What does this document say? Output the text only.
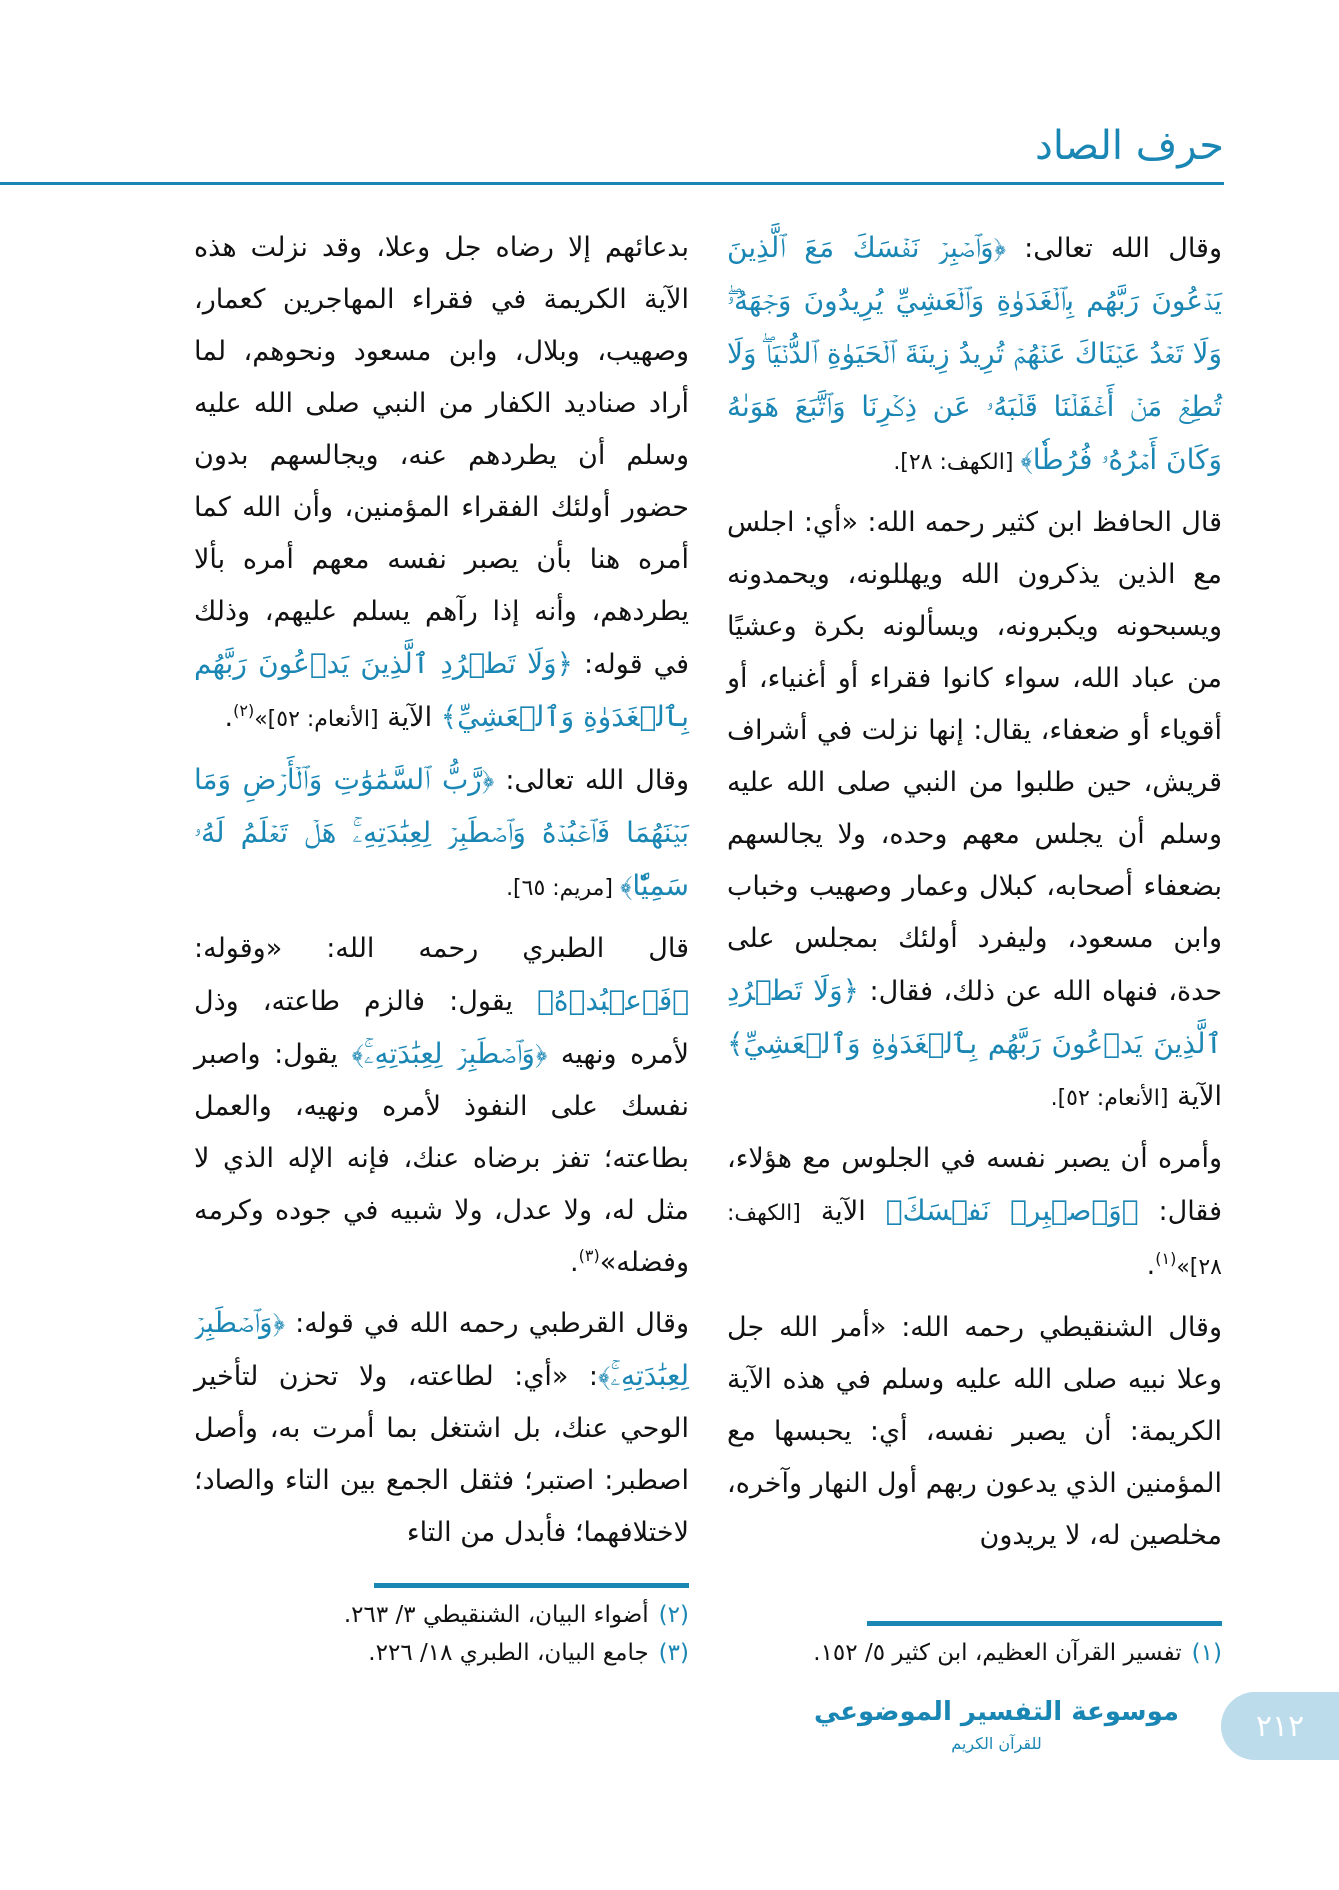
حرف الصاد

وقال الله تعالى: ﴿وَٱصۡبِرۡ نَفۡسَكَ مَعَ ٱلَّذِينَ يَدۡعُونَ رَبَّهُم بِٱلۡغَدَوٰةِ وَٱلۡعَشِيِّ يُرِيدُونَ وَجۡهَهُۥۖ وَلَا تَعۡدُ عَيۡنَاكَ عَنۡهُمۡ تُرِيدُ زِينَةَ ٱلۡحَيَوٰةِ ٱلدُّنۡيَاۖ وَلَا تُطِعۡ مَنۡ أَغۡفَلۡنَا قَلۡبَهُۥ عَن ذِكۡرِنَا وَٱتَّبَعَ هَوَىٰهُ وَكَانَ أَمۡرُهُۥ فُرُطٗا﴾ [الكهف: ٢٨].

قال الحافظ ابن كثير رحمه الله: «أي: اجلس مع الذين يذكرون الله ويهللونه، ويحمدونه ويسبحونه ويكبرونه، ويسألونه بكرة وعشيًا من عباد الله، سواء كانوا فقراء أو أغنياء، أو أقوياء أو ضعفاء، يقال: إنها نزلت في أشراف قريش، حين طلبوا من النبي صلى الله عليه وسلم أن يجلس معهم وحده، ولا يجالسهم بضعفاء أصحابه، كبلال وعمار وصهيب وخباب وابن مسعود، وليفرد أولئك بمجلس على حدة، فنهاه الله عن ذلك، فقال: ﴿وَلَا تَطۡرُدِ ٱلَّذِينَ يَدۡعُونَ رَبَّهُم بِٱلۡغَدَوٰةِ وَٱلۡعَشِيِّ﴾ الآية [الأنعام: ٥٢].

وأمره أن يصبر نفسه في الجلوس مع هؤلاء، فقال: ﴿وَٱصۡبِرۡ نَفۡسَكَ﴾ الآية [الكهف: ٢٨]»$^{(١)}$.

وقال الشنقيطي رحمه الله: «أمر الله جل وعلا نبيه صلى الله عليه وسلم في هذه الآية الكريمة: أن يصبر نفسه، أي: يحبسها مع المؤمنين الذي يدعون ربهم أول النهار وآخره، مخلصين له، لا يريدون

(١)تفسير القرآن العظيم، ابن كثير ٥/ ١٥٢.

بدعائهم إلا رضاه جل وعلا، وقد نزلت هذه الآية الكريمة في فقراء المهاجرين كعمار، وصهيب، وبلال، وابن مسعود ونحوهم، لما أراد صناديد الكفار من النبي صلى الله عليه وسلم أن يطردهم عنه، ويجالسهم بدون حضور أولئك الفقراء المؤمنين، وأن الله كما أمره هنا بأن يصبر نفسه معهم أمره بألا يطردهم، وأنه إذا رآهم يسلم عليهم، وذلك في قوله: ﴿وَلَا تَطۡرُدِ ٱلَّذِينَ يَدۡعُونَ رَبَّهُم بِٱلۡغَدَوٰةِ وَٱلۡعَشِيِّ﴾ الآية [الأنعام: ٥٢]»$^{(٢)}$.

وقال الله تعالى: ﴿رَّبُّ ٱلسَّمَٰوَٰتِ وَٱلۡأَرۡضِ وَمَا بَيۡنَهُمَا فَٱعۡبُدۡهُ وَٱصۡطَبِرۡ لِعِبَٰدَتِهِۦۚ هَلۡ تَعۡلَمُ لَهُۥ سَمِيّٗا﴾ [مريم: ٦٥].

قال الطبري رحمه الله: «وقوله: ﴿فَٱعۡبُدۡهُ﴾ يقول: فالزم طاعته، وذل لأمره ونهيه ﴿وَٱصۡطَبِرۡ لِعِبَٰدَتِهِۦۚ﴾ يقول: واصبر نفسك على النفوذ لأمره ونهيه، والعمل بطاعته؛ تفز برضاه عنك، فإنه الإله الذي لا مثل له، ولا عدل، ولا شبيه في جوده وكرمه وفضله»$^{(٣)}$.

وقال القرطبي رحمه الله في قوله: ﴿وَٱصۡطَبِرۡ لِعِبَٰدَتِهِۦۚ﴾: «أي: لطاعته، ولا تحزن لتأخير الوحي عنك، بل اشتغل بما أمرت به، وأصل اصطبر: اصتبر؛ فثقل الجمع بين التاء والصاد؛ لاختلافهما؛ فأبدل من التاء

(٢)أضواء البيان، الشنقيطي ٣/ ٢٦٣.
(٣)جامع البيان، الطبري ١٨/ ٢٢٦.
موسوعة التفسير الموضوعي
للقرآن الكريم	٢١٢
